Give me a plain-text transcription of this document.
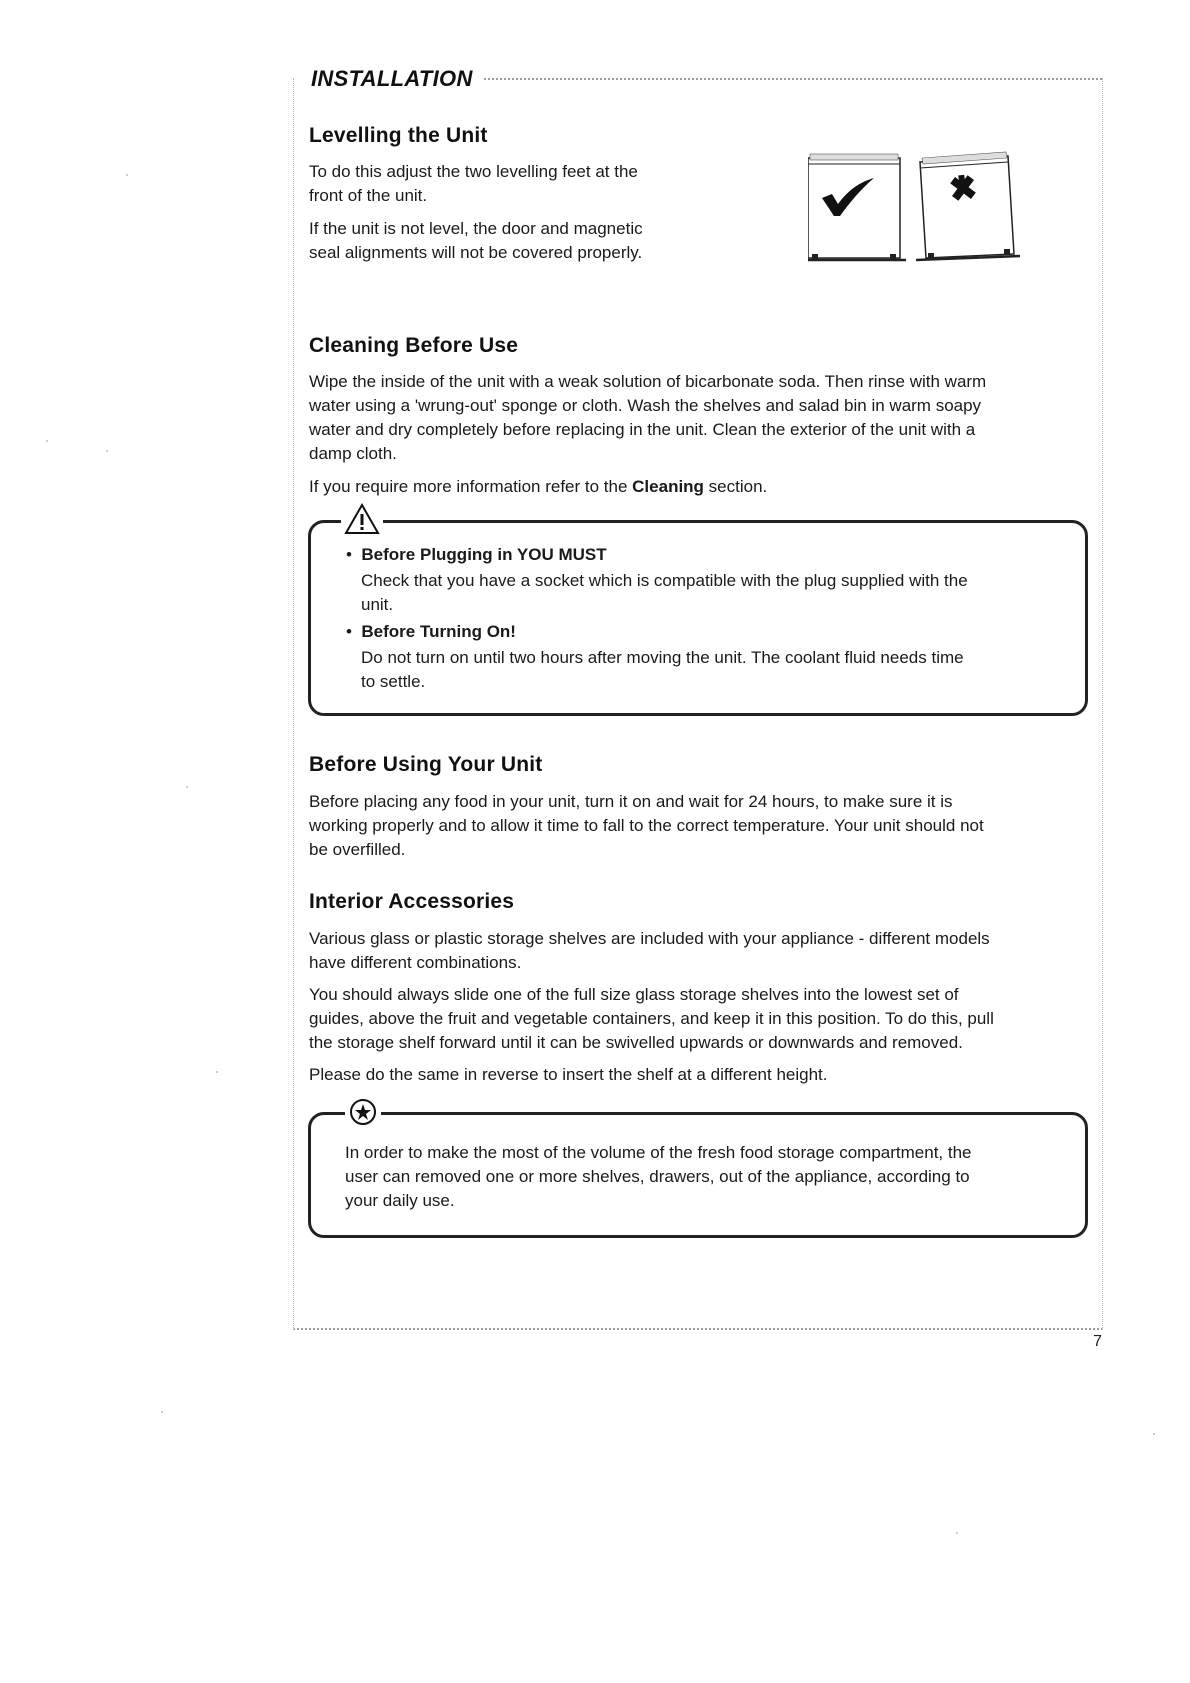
INSTALLATION
Levelling the Unit

To do this adjust the two levelling feet at the

front of the unit.

If the unit is not level, the door and magnetic

seal alignments will not be covered properly.

Cleaning Before Use

Wipe the inside of the unit with a weak solution of bicarbonate soda. Then rinse with warm

water using a 'wrung-out' sponge or cloth. Wash the shelves and salad bin in warm soapy

water and dry completely before replacing in the unit. Clean the exterior of the unit with a

damp cloth.

If you require more information refer to the Cleaning section.

•  Before Plugging in YOU MUST

Check that you have a socket which is compatible with the plug supplied with the

unit.

•  Before Turning On!

Do not turn on until two hours after moving the unit. The coolant fluid needs time

to settle.

Before Using Your Unit

Before placing any food in your unit, turn it on and wait for 24 hours, to make sure it is

working properly and to allow it time to fall to the correct temperature. Your unit should not

be overfilled.

Interior Accessories

Various glass or plastic storage shelves are included with your appliance - different models

have different combinations.

You should always slide one of the full size glass storage shelves into the lowest set of

guides, above the fruit and vegetable containers, and keep it in this position. To do this, pull

the storage shelf forward until it can be swivelled upwards or downwards and removed.

Please do the same in reverse to insert the shelf at a different height.

In order to make the most of the volume of the fresh food storage compartment, the

user can removed one or more shelves, drawers, out of the appliance, according to

your daily use.

7
